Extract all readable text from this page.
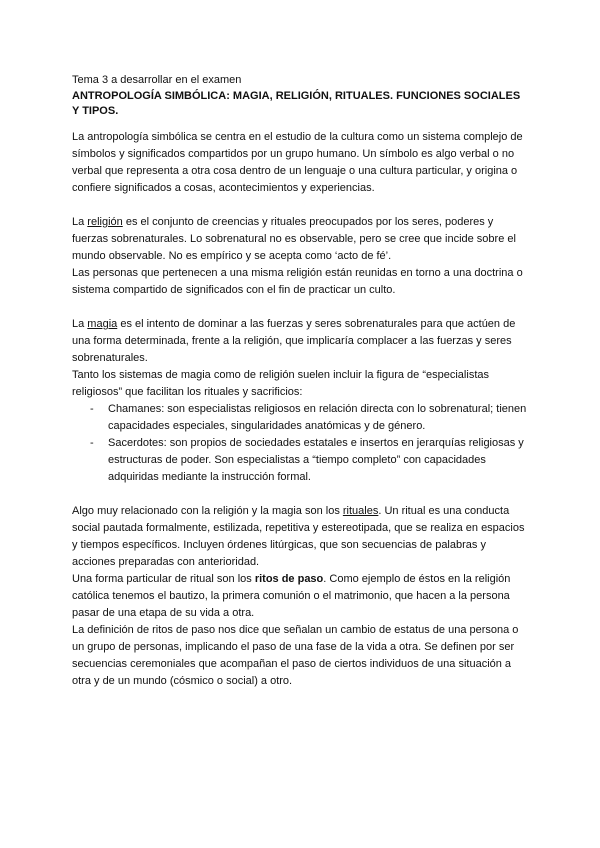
Tema 3 a desarrollar en el examen

ANTROPOLOGÍA SIMBÓLICA: MAGIA, RELIGIÓN, RITUALES. FUNCIONES SOCIALES Y TIPOS.

La antropología simbólica se centra en el estudio de la cultura como un sistema complejo de símbolos y significados compartidos por un grupo humano. Un símbolo es algo verbal o no verbal que representa a otra cosa dentro de un lenguaje o una cultura particular, y origina o confiere significados a cosas, acontecimientos y experiencias.

La religión es el conjunto de creencias y rituales preocupados por los seres, poderes y fuerzas sobrenaturales. Lo sobrenatural no es observable, pero se cree que incide sobre el mundo observable. No es empírico y se acepta como ‘acto de fé’.

Las personas que pertenecen a una misma religión están reunidas en torno a una doctrina o sistema compartido de significados con el fin de practicar un culto.

La magia es el intento de dominar a las fuerzas y seres sobrenaturales para que actúen de una forma determinada, frente a la religión, que implicaría complacer a las fuerzas y seres sobrenaturales.

Tanto los sistemas de magia como de religión suelen incluir la figura de “especialistas religiosos” que facilitan los rituales y sacrificios:

- Chamanes: son especialistas religiosos en relación directa con lo sobrenatural; tienen capacidades especiales, singularidades anatómicas y de género.
- Sacerdotes: son propios de sociedades estatales e insertos en jerarquías religiosas y estructuras de poder. Son especialistas a “tiempo completo” con capacidades adquiridas mediante la instrucción formal.

Algo muy relacionado con la religión y la magia son los rituales. Un ritual es una conducta social pautada formalmente, estilizada, repetitiva y estereotipada, que se realiza en espacios y tiempos específicos. Incluyen órdenes litúrgicas, que son secuencias de palabras y acciones preparadas con anterioridad.

Una forma particular de ritual son los ritos de paso. Como ejemplo de éstos en la religión católica tenemos el bautizo, la primera comunión o el matrimonio, que hacen a la persona pasar de una etapa de su vida a otra.

La definición de ritos de paso nos dice que señalan un cambio de estatus de una persona o un grupo de personas, implicando el paso de una fase de la vida a otra. Se definen por ser secuencias ceremoniales que acompañan el paso de ciertos individuos de una situación a otra y de un mundo (cósmico o social) a otro.
